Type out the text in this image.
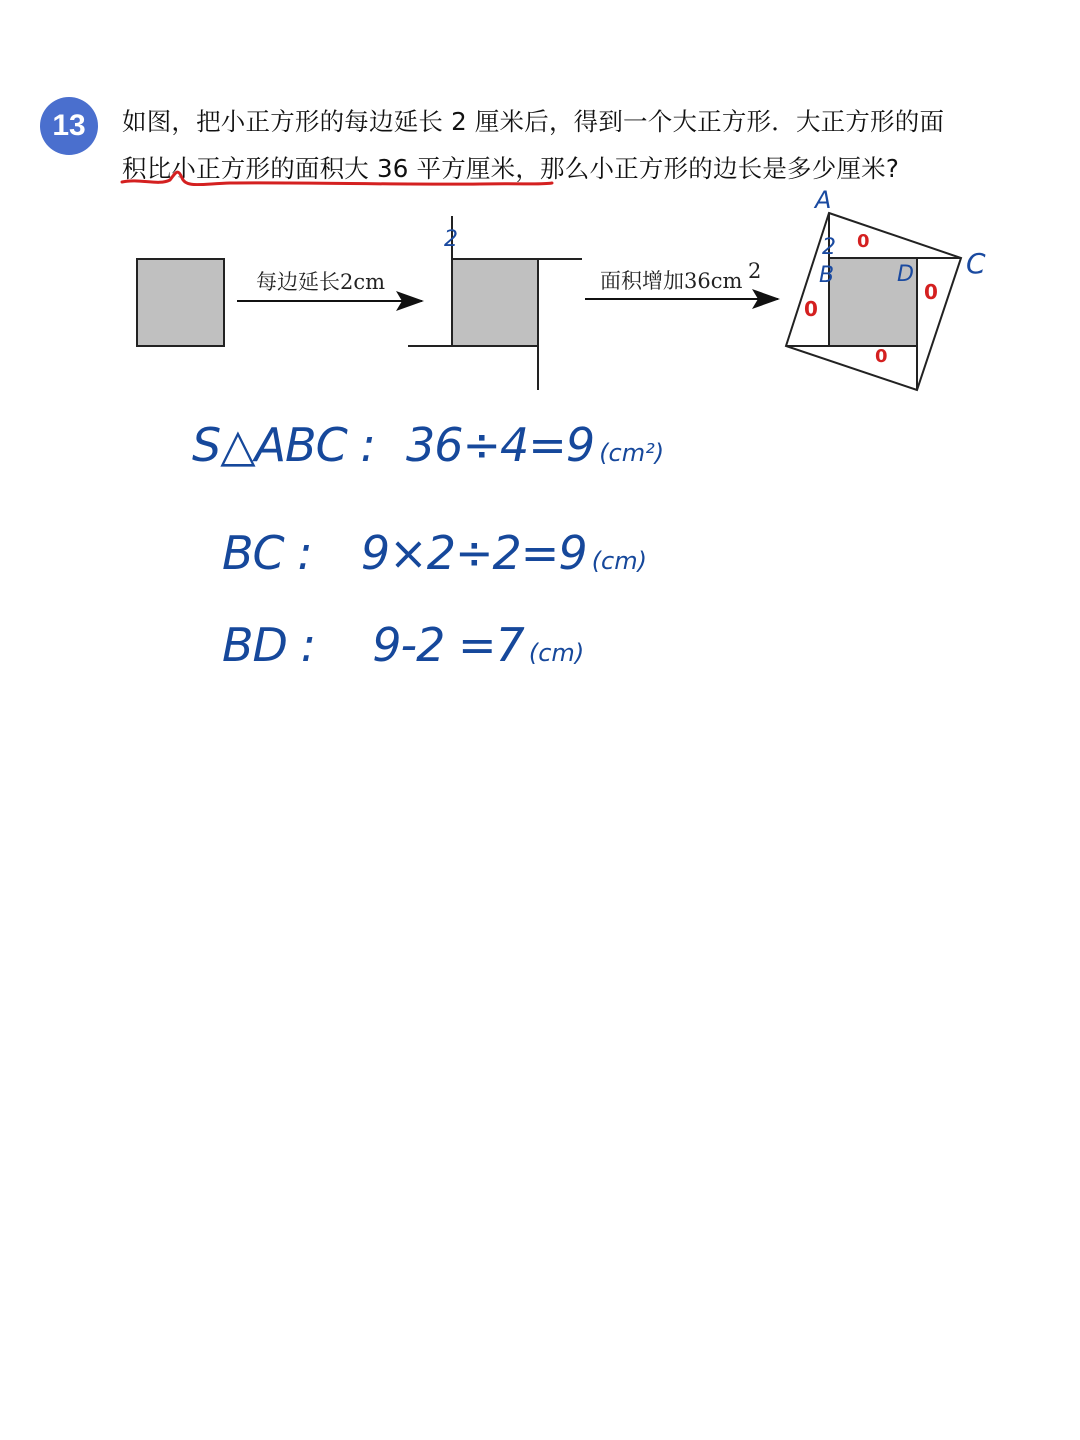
13	如图，把小正方形的每边延长 2 厘米后，得到一个大正方形．大正方形的面
积比小正方形的面积大 36 平方厘米，那么小正方形的边长是多少厘米?

每边延长2cm
2
面积增加36cm 2
A
B	C
D
2 0
0
0
0
S△ABC : 36÷4=9 (cm²)
BC : 9×2÷2=9 (cm)
BD : 9-2 =7 (cm)
